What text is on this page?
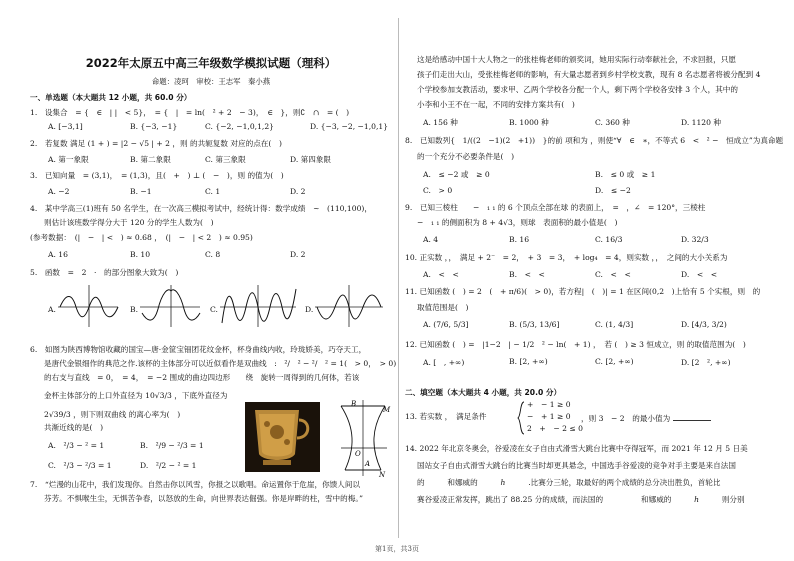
2022年太原五中高三年级数学模拟试题（理科）
命题：凌珂　审校：王志军　秦小燕
一、单选题（本大题共 12 小题，共 60.0 分）
1.　设集合　= {　∈　| |　< 5}，　= {　|　= ln(　² + 2　− 3)，　∈　}，则∁　∩　= (　)
A. [−3,1]	B. {−3, −1}	C. {−2, −1,0,1,2}	D. {−3, −2, −1,0,1}
2.　若复数 满足 (1 + ) = |2 − √5 | + 2 ，则 的共轭复数 对应的点在(　)
A. 第一象限	B. 第二象限	C. 第三象限	D. 第四象限
3.　已知向量　= (3,1)，　= (1,3)，且(　+　) ⊥ (　−　)，则 的值为(　)
A. −2	B. −1	C. 1	D. 2
4.　某中学高三(1)班有 50 名学生，在一次高三模拟考试中，经统计得：数学成绩　~　(110,100)，
则估计该班数学得分大于 120 分的学生人数为(　)
(参考数据：　(|　−　| <　) ≈ 0.68 ，　(|　−　| < 2　) ≈ 0.95)
A. 16	B. 10	C. 8	D. 2
5.　函数　=　2　·　的部分图象大致为(　)
A.	B.	C.	D.
6.　如图为陕西博物馆收藏的国宝—唐·金筐宝钿团花纹金杯，杯身曲线内收，玲珑娇美，巧夺天工，
是唐代金银细作的典范之作.该杯的主体部分可以近似看作是双曲线　:　²/　² − ²/　² = 1(　> 0，　> 0)
的右支与直线　= 0，　= 4，　= −2 围成的曲边四边形　　绕　旋转一周得到的几何体，若该
金杯主体部分的上口外直径为 10√3/3 ，下底外直径为
2√39/3 ，则下则双曲线 的离心率为(　)
共渐近线的是(　)
B
M
O
A
N
A.　²/3 − ² = 1	B.　²/9 − ²/3 = 1
C.　²/3 − ²/3 = 1	D.　²/2 − ² = 1
7.　“烂漫的山花中，我们发现你。自然击你以风雪，你报之以歌唱。命运置你于危崖，你馈人间以
芬芳。不惧喉生尘，无惧苦争春，以怒放的生命，向世界表达倔强。你是岸畔的柱，雪中的梅。”
这是给感动中国十大人物之一的张桂梅老师的颁奖词，她用实际行动奉献社会，不求回报，只愿
孩子们走出大山，受张桂梅老师的影响，有大量志愿者到乡村学校支教，现有 8 名志愿者将被分配到 4
个学校参加支教活动，要求甲、乙两个学校各分配一个人，剩下两个学校各安排 3 个人，其中的
小李和小王不在一起，不同的安排方案共有(　)
A. 156 种	B. 1000 种	C. 360 种	D. 1120 种
8.　已知数列{　1/((2　−1)(2　+1))　}的前 项和为 ，则使“∀　∈　∗，不等式 6　<　² −　恒成立”为真命题
的一个充分不必要条件是(　)
A.　≤ −2 或　≥ 0	B.　≤ 0 或　≥ 1
C.　> 0	D.　≤ −2
9.　已知三棱柱　　−　₁ ₁ 的 6 个顶点全部在球 的表面上，　=　，∠　= 120°，三棱柱
−　₁ ₁ 的侧面积为 8 + 4√3，则球　表面积的最小值是(　)
A. 4	B. 16	C. 16/3	D. 32/3
10. 正实数 ，，　满足 + 2⁻　= 2，　+ 3　= 3，　+ log₄　= 4，则实数 ，，　之间的大小关系为
A.　<　<	B.　<　<	C.　<　<	D.　<　<
11. 已知函数 (　) = 2　(　+ π/6)(　> 0)，若方程|　(　)| = 1 在区间(0,2　)上恰有 5 个实根，则　的
取值范围是(　)
A. (7/6, 5/3]	B. (5/3, 13/6]	C. (1, 4/3]	D. [4/3, 3/2)
12. 已知函数 (　) =　|1−2　| − 1/2　² − ln(　+ 1) ，　若 (　) ≥ 3 恒成立，则 的取值范围为(　)
A. [　, +∞)	B. [2, +∞)	C. [2, +∞)	D. [2　², +∞)
二、填空题（本大题共 4 小题，共 20.0 分）
13. 若实数 ，　满足条件
+　− 1 ≥ 0
−　+ 1 ≥ 0
2　+　− 2 ≤ 0
，则 3　− 2　的最小值为
14. 2022 年北京冬奥会，谷爱凌在女子自由式滑雪大跳台比赛中夺得冠军，而 2021 年 12 月 5 日美
国站女子自由式滑雪大跳台的比赛当时却更具悬念，中国选手谷爱凌的竞争对手主要是来自法国
的　　　和娜威的　　　ℎ　　　.比赛分三轮，取最好的两个成绩的总分决出胜负，首轮比
赛谷爱凌正常发挥，跳出了 88.25 分的成绩，而法国的　　　　　和娜威的　　　ℎ　　　则分别
第1页，共3页
